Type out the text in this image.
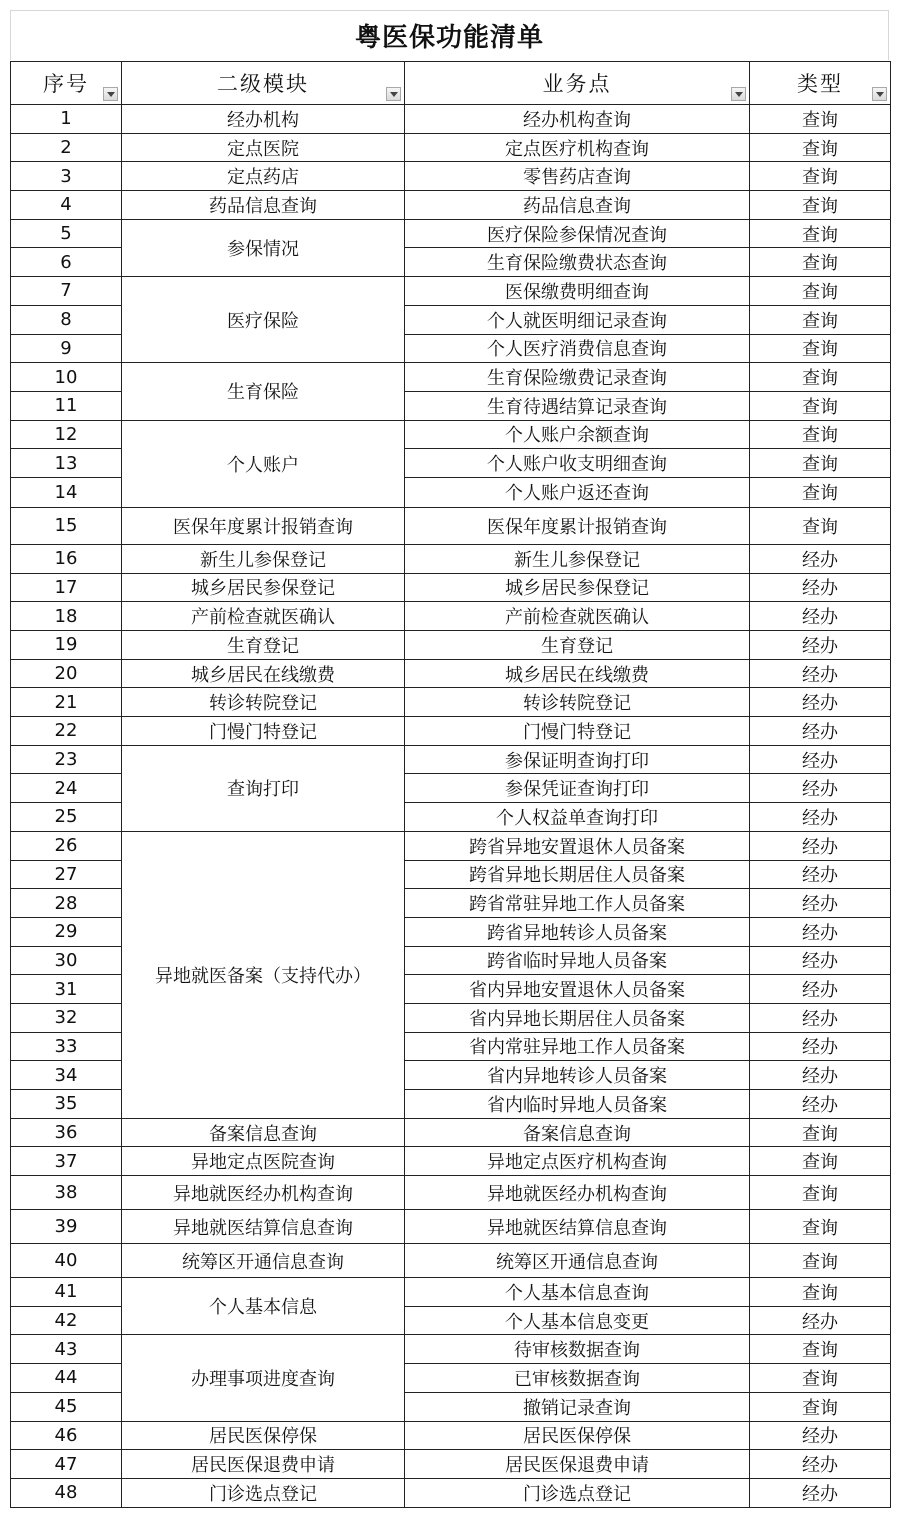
粤医保功能清单
序号	二级模块	业务点	类型

1	经办机构	经办机构查询	查询
2	定点医院	定点医疗机构查询	查询
3	定点药店	零售药店查询	查询
4	药品信息查询	药品信息查询	查询
5	参保情况	医疗保险参保情况查询	查询
6		生育保险缴费状态查询	查询
7	医疗保险	医保缴费明细查询	查询
8		个人就医明细记录查询	查询
9		个人医疗消费信息查询	查询
10	生育保险	生育保险缴费记录查询	查询
11		生育待遇结算记录查询	查询
12	个人账户	个人账户余额查询	查询
13		个人账户收支明细查询	查询
14		个人账户返还查询	查询
15	医保年度累计报销查询	医保年度累计报销查询	查询
16	新生儿参保登记	新生儿参保登记	经办
17	城乡居民参保登记	城乡居民参保登记	经办
18	产前检查就医确认	产前检查就医确认	经办
19	生育登记	生育登记	经办
20	城乡居民在线缴费	城乡居民在线缴费	经办
21	转诊转院登记	转诊转院登记	经办
22	门慢门特登记	门慢门特登记	经办
23	查询打印	参保证明查询打印	经办
24		参保凭证查询打印	经办
25		个人权益单查询打印	经办
26	异地就医备案（支持代办）	跨省异地安置退休人员备案	经办
27		跨省异地长期居住人员备案	经办
28		跨省常驻异地工作人员备案	经办
29		跨省异地转诊人员备案	经办
30		跨省临时异地人员备案	经办
31		省内异地安置退休人员备案	经办
32		省内异地长期居住人员备案	经办
33		省内常驻异地工作人员备案	经办
34		省内异地转诊人员备案	经办
35		省内临时异地人员备案	经办
36	备案信息查询	备案信息查询	查询
37	异地定点医院查询	异地定点医疗机构查询	查询
38	异地就医经办机构查询	异地就医经办机构查询	查询
39	异地就医结算信息查询	异地就医结算信息查询	查询
40	统筹区开通信息查询	统筹区开通信息查询	查询
41	个人基本信息	个人基本信息查询	查询
42		个人基本信息变更	经办
43	办理事项进度查询	待审核数据查询	查询
44		已审核数据查询	查询
45		撤销记录查询	查询
46	居民医保停保	居民医保停保	经办
47	居民医保退费申请	居民医保退费申请	经办
48	门诊选点登记	门诊选点登记	经办
